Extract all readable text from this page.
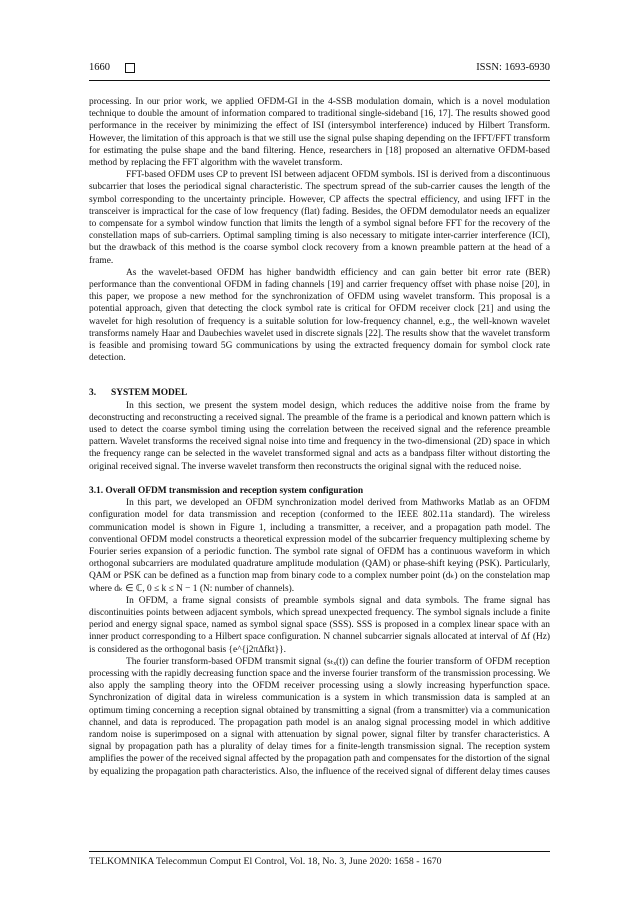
1660	ISSN: 1693-6930

processing. In our prior work, we applied OFDM-GI in the 4-SSB modulation domain, which is a novel modulation technique to double the amount of information compared to traditional single-sideband [16, 17]. The results showed good performance in the receiver by minimizing the effect of ISI (intersymbol interference) induced by Hilbert Transform. However, the limitation of this approach is that we still use the signal pulse shaping depending on the IFFT/FFT transform for estimating the pulse shape and the band filtering. Hence, researchers in [18] proposed an alternative OFDM-based method by replacing the FFT algorithm with the wavelet transform.

FFT-based OFDM uses CP to prevent ISI between adjacent OFDM symbols. ISI is derived from a discontinuous subcarrier that loses the periodical signal characteristic. The spectrum spread of the sub-carrier causes the length of the symbol corresponding to the uncertainty principle. However, CP affects the spectral efficiency, and using IFFT in the transceiver is impractical for the case of low frequency (flat) fading. Besides, the OFDM demodulator needs an equalizer to compensate for a symbol window function that limits the length of a symbol signal before FFT for the recovery of the constellation maps of sub-carriers. Optimal sampling timing is also necessary to mitigate inter-carrier interference (ICI), but the drawback of this method is the coarse symbol clock recovery from a known preamble pattern at the head of a frame.

As the wavelet-based OFDM has higher bandwidth efficiency and can gain better bit error rate (BER) performance than the conventional OFDM in fading channels [19] and carrier frequency offset with phase noise [20], in this paper, we propose a new method for the synchronization of OFDM using wavelet transform. This proposal is a potential approach, given that detecting the clock symbol rate is critical for OFDM receiver clock [21] and using the wavelet for high resolution of frequency is a suitable solution for low-frequency channel, e.g., the well-known wavelet transforms namely Haar and Daubechies wavelet used in discrete signals [22]. The results show that the wavelet transform is feasible and promising toward 5G communications by using the extracted frequency domain for symbol clock rate detection.

3. SYSTEM MODEL

In this section, we present the system model design, which reduces the additive noise from the frame by deconstructing and reconstructing a received signal. The preamble of the frame is a periodical and known pattern which is used to detect the coarse symbol timing using the correlation between the received signal and the reference preamble pattern. Wavelet transforms the received signal noise into time and frequency in the two-dimensional (2D) space in which the frequency range can be selected in the wavelet transformed signal and acts as a bandpass filter without distorting the original received signal. The inverse wavelet transform then reconstructs the original signal with the reduced noise.

3.1. Overall OFDM transmission and reception system configuration

In this part, we developed an OFDM synchronization model derived from Mathworks Matlab as an OFDM configuration model for data transmission and reception (conformed to the IEEE 802.11a standard). The wireless communication model is shown in Figure 1, including a transmitter, a receiver, and a propagation path model. The conventional OFDM model constructs a theoretical expression model of the subcarrier frequency multiplexing scheme by Fourier series expansion of a periodic function. The symbol rate signal of OFDM has a continuous waveform in which orthogonal subcarriers are modulated quadrature amplitude modulation (QAM) or phase-shift keying (PSK). Particularly, QAM or PSK can be defined as a function map from binary code to a complex number point (dₖ) on the constelation map where dₖ ∈ ℂ, 0 ≤ k ≤ N − 1 (N: number of channels).

In OFDM, a frame signal consists of preamble symbols signal and data symbols. The frame signal has discontinuities points between adjacent symbols, which spread unexpected frequency. The symbol signals include a finite period and energy signal space, named as symbol signal space (SSS). SSS is proposed in a complex linear space with an inner product corresponding to a Hilbert space configuration. N channel subcarrier signals allocated at interval of Δf (Hz) is considered as the orthogonal basis {e^{j2πΔfkt}}.

The fourier transform-based OFDM transmit signal (sₜₓ(t)) can define the fourier transform of OFDM reception processing with the rapidly decreasing function space and the inverse fourier transform of the transmission processing. We also apply the sampling theory into the OFDM receiver processing using a slowly increasing hyperfunction space. Synchronization of digital data in wireless communication is a system in which transmission data is sampled at an optimum timing concerning a reception signal obtained by transmitting a signal (from a transmitter) via a communication channel, and data is reproduced. The propagation path model is an analog signal processing model in which additive random noise is superimposed on a signal with attenuation by signal power, signal filter by transfer characteristics. A signal by propagation path has a plurality of delay times for a finite-length transmission signal. The reception system amplifies the power of the received signal affected by the propagation path and compensates for the distortion of the signal by equalizing the propagation path characteristics. Also, the influence of the received signal of different delay times causes

TELKOMNIKA Telecommun Comput El Control, Vol. 18, No. 3, June 2020: 1658 - 1670
